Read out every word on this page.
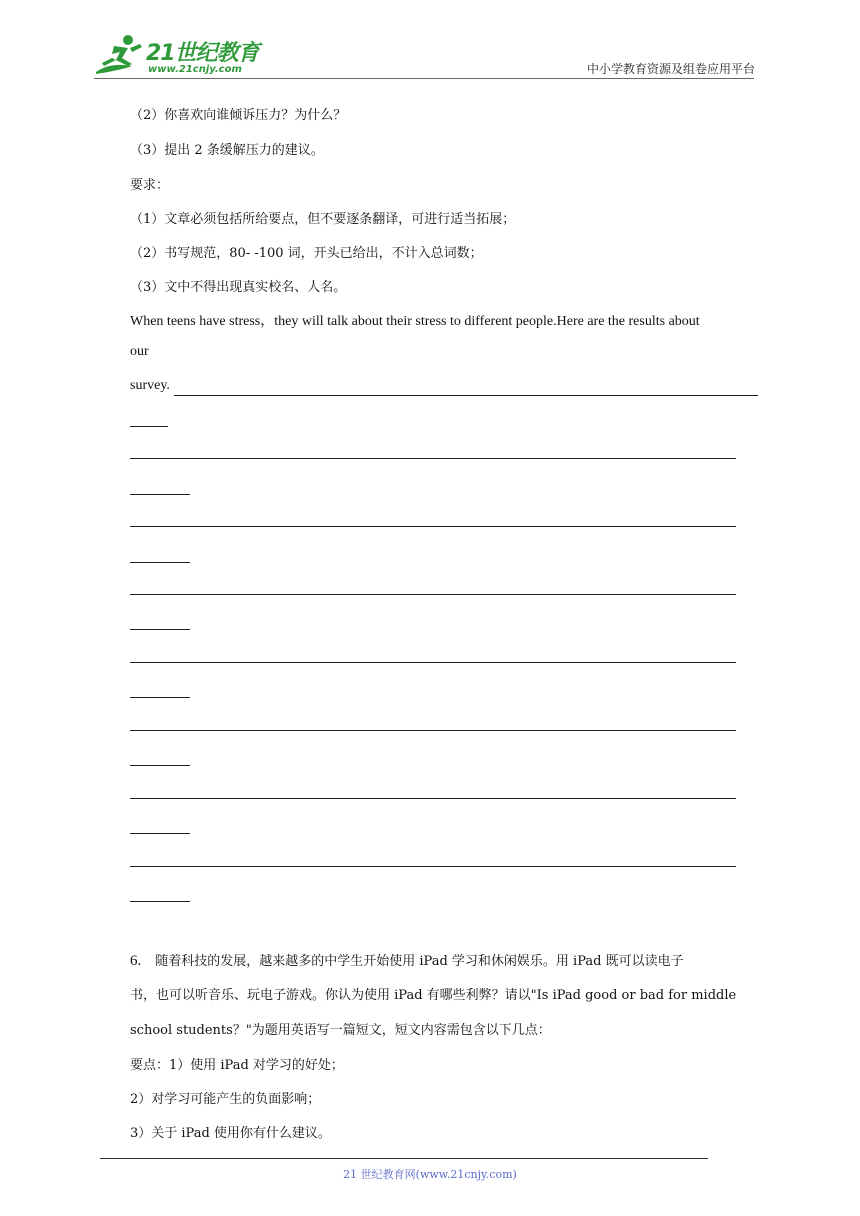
21世纪教育
www.21cnjy.com	中小学教育资源及组卷应用平台
（2）你喜欢向谁倾诉压力？为什么？
（3）提出 2 条缓解压力的建议。
要求：
（1）文章必须包括所给要点，但不要逐条翻译，可进行适当拓展；
（2）书写规范，80- -100 词，开头已给出，不计入总词数；
（3）文中不得出现真实校名、人名。
When teens have stress，they will talk about their stress to different people.Here are the results about
our
survey.
6. 随着科技的发展，越来越多的中学生开始使用 iPad 学习和休闲娱乐。用 iPad 既可以读电子
书，也可以听音乐、玩电子游戏。你认为使用 iPad 有哪些利弊？请以"Is iPad good or bad for middle
school students？"为题用英语写一篇短文，短文内容需包含以下几点：
要点：1）使用 iPad 对学习的好处；
2）对学习可能产生的负面影响；
3）关于 iPad 使用你有什么建议。
21 世纪教育网(www.21cnjy.com)
